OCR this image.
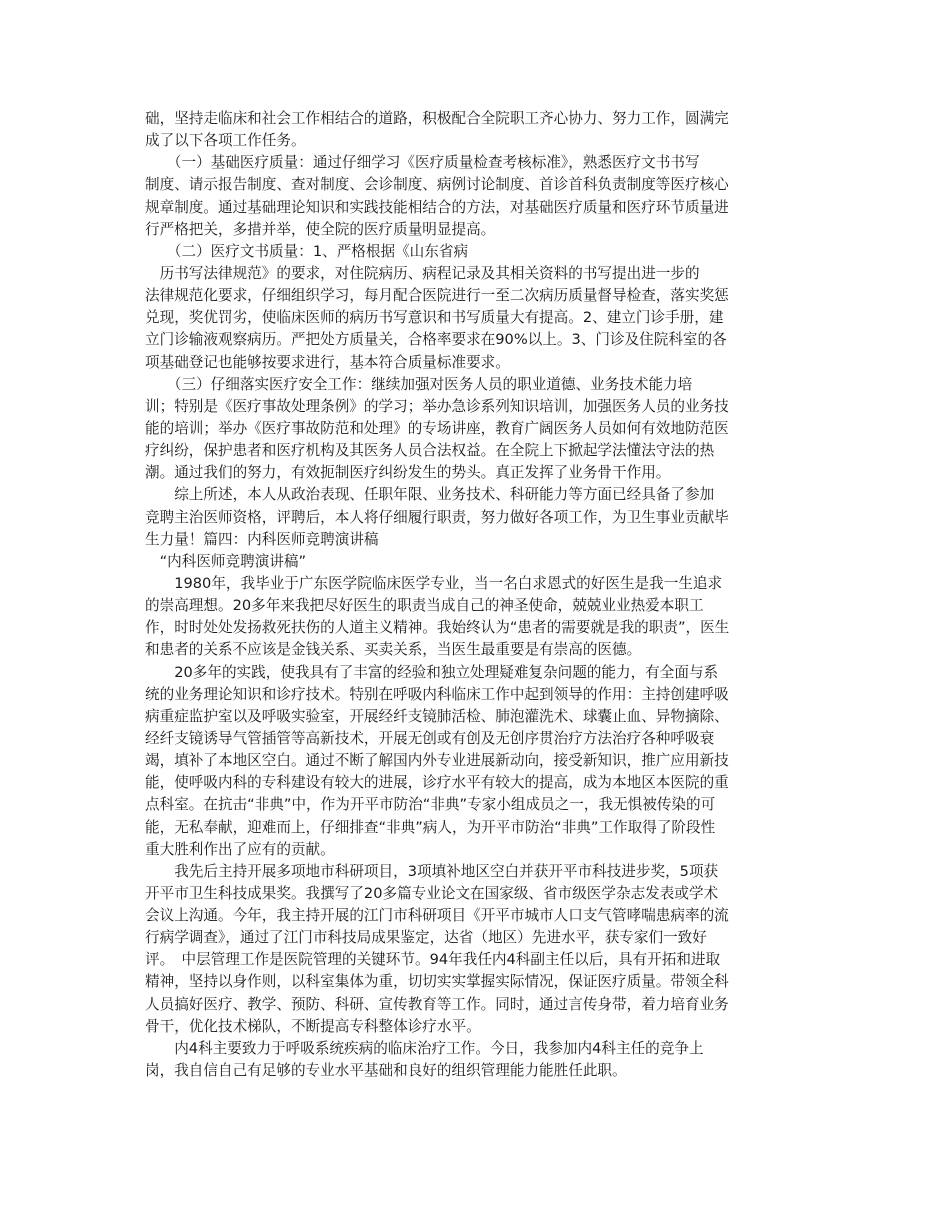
础，坚持走临床和社会工作相结合的道路，积极配合全院职工齐心协力、努力工作，圆满完
成了以下各项工作任务。
　　（一）基础医疗质量：通过仔细学习《医疗质量检查考核标准》，熟悉医疗文书书写
制度、请示报告制度、查对制度、会诊制度、病例讨论制度、首诊首科负责制度等医疗核心
规章制度。通过基础理论知识和实践技能相结合的方法，对基础医疗质量和医疗环节质量进
行严格把关，多措并举，使全院的医疗质量明显提高。
　　（二）医疗文书质量：1、严格根据《山东省病
　历书写法律规范》的要求，对住院病历、病程记录及其相关资料的书写提出进一步的
法律规范化要求，仔细组织学习，每月配合医院进行一至二次病历质量督导检查，落实奖惩
兑现，奖优罚劣，使临床医师的病历书写意识和书写质量大有提高。2、建立门诊手册，建
立门诊输液观察病历。严把处方质量关，合格率要求在90%以上。3、门诊及住院科室的各
项基础登记也能够按要求进行，基本符合质量标准要求。
　　（三）仔细落实医疗安全工作：继续加强对医务人员的职业道德、业务技术能力培
训；特别是《医疗事故处理条例》的学习；举办急诊系列知识培训，加强医务人员的业务技
能的培训；举办《医疗事故防范和处理》的专场讲座，教育广阔医务人员如何有效地防范医
疗纠纷，保护患者和医疗机构及其医务人员合法权益。在全院上下掀起学法懂法守法的热
潮。通过我们的努力，有效扼制医疗纠纷发生的势头。真正发挥了业务骨干作用。
　　综上所述，本人从政治表现、任职年限、业务技术、科研能力等方面已经具备了参加
竞聘主治医师资格，评聘后，本人将仔细履行职责，努力做好各项工作，为卫生事业贡献毕
生力量！篇四：内科医师竞聘演讲稿
　“内科医师竞聘演讲稿”
　　1980年，我毕业于广东医学院临床医学专业，当一名白求恩式的好医生是我一生追求
的崇高理想。20多年来我把尽好医生的职责当成自己的神圣使命，兢兢业业热爱本职工
作，时时处处发扬救死扶伤的人道主义精神。我始终认为“患者的需要就是我的职责”，医生
和患者的关系不应该是金钱关系、买卖关系，当医生最重要是有崇高的医德。
　　20多年的实践，使我具有了丰富的经验和独立处理疑难复杂问题的能力，有全面与系
统的业务理论知识和诊疗技术。特别在呼吸内科临床工作中起到领导的作用：主持创建呼吸
病重症监护室以及呼吸实验室，开展经纤支镜肺活检、肺泡灌洗术、球囊止血、异物摘除、
经纤支镜诱导气管插管等高新技术，开展无创或有创及无创序贯治疗方法治疗各种呼吸衰
竭，填补了本地区空白。通过不断了解国内外专业进展新动向，接受新知识，推广应用新技
能，使呼吸内科的专科建设有较大的进展，诊疗水平有较大的提高，成为本地区本医院的重
点科室。在抗击“非典”中，作为开平市防治“非典”专家小组成员之一，我无惧被传染的可
能，无私奉献，迎难而上，仔细排查“非典”病人，为开平市防治“非典”工作取得了阶段性
重大胜利作出了应有的贡献。
　　我先后主持开展多项地市科研项目，3项填补地区空白并获开平市科技进步奖，5项获
开平市卫生科技成果奖。我撰写了20多篇专业论文在国家级、省市级医学杂志发表或学术
会议上沟通。今年，我主持开展的江门市科研项目《开平市城市人口支气管哮喘患病率的流
行病学调查》，通过了江门市科技局成果鉴定，达省（地区）先进水平，获专家们一致好
评。　中层管理工作是医院管理的关键环节。94年我任内4科副主任以后，具有开拓和进取
精神，坚持以身作则，以科室集体为重，切切实实掌握实际情况，保证医疗质量。带领全科
人员搞好医疗、教学、预防、科研、宣传教育等工作。同时，通过言传身带，着力培育业务
骨干，优化技术梯队，不断提高专科整体诊疗水平。
　　内4科主要致力于呼吸系统疾病的临床治疗工作。今日，我参加内4科主任的竞争上
岗，我自信自己有足够的专业水平基础和良好的组织管理能力能胜任此职。
